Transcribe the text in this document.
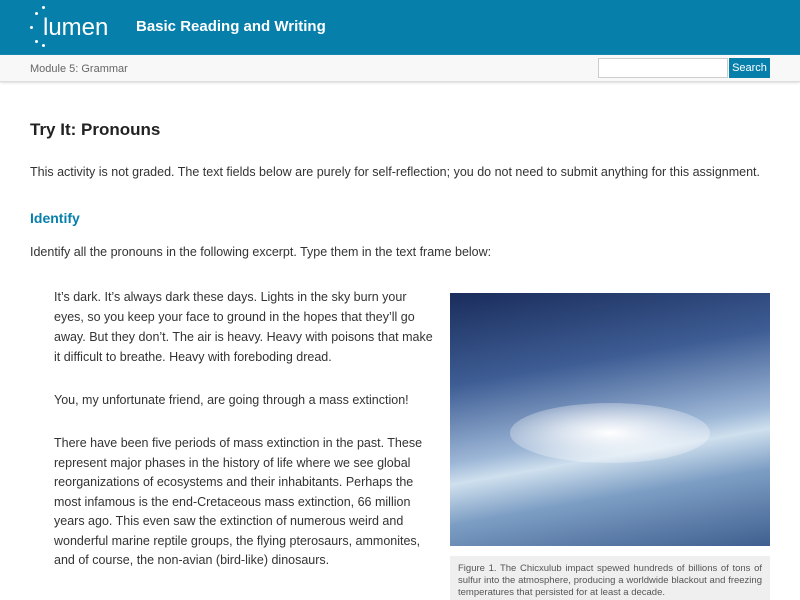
lumen Basic Reading and Writing
Module 5: Grammar	Search
Try It: Pronouns
This activity is not graded. The text fields below are purely for self-reflection; you do not need to submit anything for this assignment.
Identify
Identify all the pronouns in the following excerpt. Type them in the text frame below:
It’s dark. It’s always dark these days. Lights in the sky burn your eyes, so you keep your face to ground in the hopes that they’ll go away. But they don’t. The air is heavy. Heavy with poisons that make it difficult to breathe. Heavy with foreboding dread.
You, my unfortunate friend, are going through a mass extinction!
There have been five periods of mass extinction in the past. These represent major phases in the history of life where we see global reorganizations of ecosystems and their inhabitants. Perhaps the most infamous is the end-Cretaceous mass extinction, 66 million years ago. This even saw the extinction of numerous weird and wonderful marine reptile groups, the flying pterosaurs, ammonites, and of course, the non-avian (bird-like) dinosaurs.
Figure 1. The Chicxulub impact spewed hundreds of billions of tons of sulfur into the atmosphere, producing a worldwide blackout and freezing temperatures that persisted for at least a decade.
